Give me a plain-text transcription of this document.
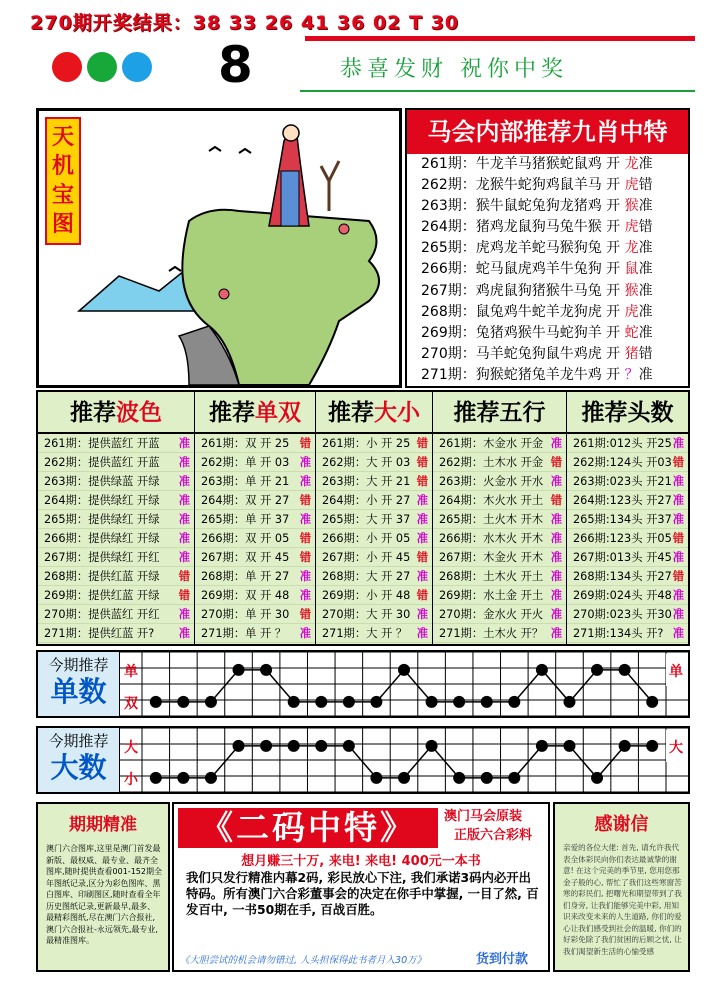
270期开奖结果：38 33 26 41 36 02 T 30
8	恭喜发财 祝你中奖
天机宝图
马会内部推荐九肖中特
261期：牛龙羊马猪猴蛇鼠鸡 开 龙准
262期：龙猴牛蛇狗鸡鼠羊马 开 虎错
263期：猴牛鼠蛇兔狗龙猪鸡 开 猴准
264期：猪鸡龙鼠狗马兔牛猴 开 虎错
265期：虎鸡龙羊蛇马猴狗兔 开 龙准
266期：蛇马鼠虎鸡羊牛兔狗 开 鼠准
267期：鸡虎鼠狗猪猴牛马兔 开 猴准
268期：鼠兔鸡牛蛇羊龙狗虎 开 虎准
269期：兔猪鸡猴牛马蛇狗羊 开 蛇准
270期：马羊蛇兔狗鼠牛鸡虎 开 猪错
271期：狗猴蛇猪兔羊龙牛鸡 开 ？准
推荐波色
261期：提供蓝红 开蓝 准
262期：提供蓝红 开蓝 准
263期：提供绿蓝 开绿 准
264期：提供绿红 开绿 准
265期：提供绿红 开绿 准
266期：提供绿红 开绿 准
267期：提供绿红 开红 准
268期：提供红蓝 开绿 错
269期：提供红蓝 开绿 错
270期：提供蓝红 开红 准
271期：提供红蓝 开? 准
推荐单双
261期：双 开 25 错
262期：单 开 03 准
263期：单 开 21 准
264期：双 开 27 错
265期：单 开 37 准
266期：双 开 05 错
267期：双 开 45 错
268期：单 开 27 准
269期：双 开 48 准
270期：单 开 30 错
271期：单 开 ？ 准
推荐大小
261期：小 开 25 错
262期：大 开 03 错
263期：大 开 21 错
264期：小 开 27 准
265期：大 开 37 准
266期：小 开 05 准
267期：小 开 45 错
268期：大 开 27 准
269期：小 开 48 错
270期：大 开 30 准
271期：大 开 ？ 准
推荐五行
261期：木金水 开金 准
262期：土木水 开金 错
263期：火金水 开水 准
264期：木火水 开土 错
265期：土火木 开木 准
266期：水木火 开木 准
267期：木金火 开木 准
268期：土木火 开土 准
269期：水土金 开土 准
270期：金水火 开火 准
271期：土木火 开？ 准
推荐头数
261期:012头 开25 准
262期:124头 开03 错
263期:023头 开21 准
264期:123头 开27 准
265期:134头 开37 准
266期:123头 开05 错
267期:013头 开45 准
268期:134头 开27 错
269期:024头 开48 准
270期:023头 开30 准
271期:134头 开? 准
今期推荐
单数
单
双
单
今期推荐
大数
大
小
大
期期精准
澳门六合图库,这里是澳门首发最新版、最权威、最专业、最齐全图库,随时提供查看001-152期全年图纸记录,区分为彩色图库、黑白图库、印刷图区,随时查看全年历史图纸记录,更新最早,最多、最精彩图纸,尽在澳门六合报社,澳门六合报社-永远领先,最专业,最精准图库。
《二码中特》	澳门马会原装
正版六合彩料
想月赚三十万, 来电! 来电! 400元一本书
我们只发行精准内幕2码, 彩民放心下注, 我们承诺3码内必开出特码。所有澳门六合彩董事会的决定在你手中掌握, 一目了然, 百发百中, 一书50期在手, 百战百胜。
《大胆尝试的机会请勿错过, 人头担保得此书者月入30万》	货到付款
感谢信
亲爱的各位大佬: 首先, 请允许我代表全体彩民向你们表达最诚挚的谢意! 在这个完美的季节里, 您用您那金子般的心, 帮忙了我们这些寒窗苦寒的彩民们, 把曙光和期望带到了我们身旁, 让我们能够完美中彩, 用知识来改变未来的人生道路, 你们的爱心让我们感受到社会的温暖, 你们的好彩免除了我们贫困的后顾之忧, 让我们渴望新生活的心愉受感
